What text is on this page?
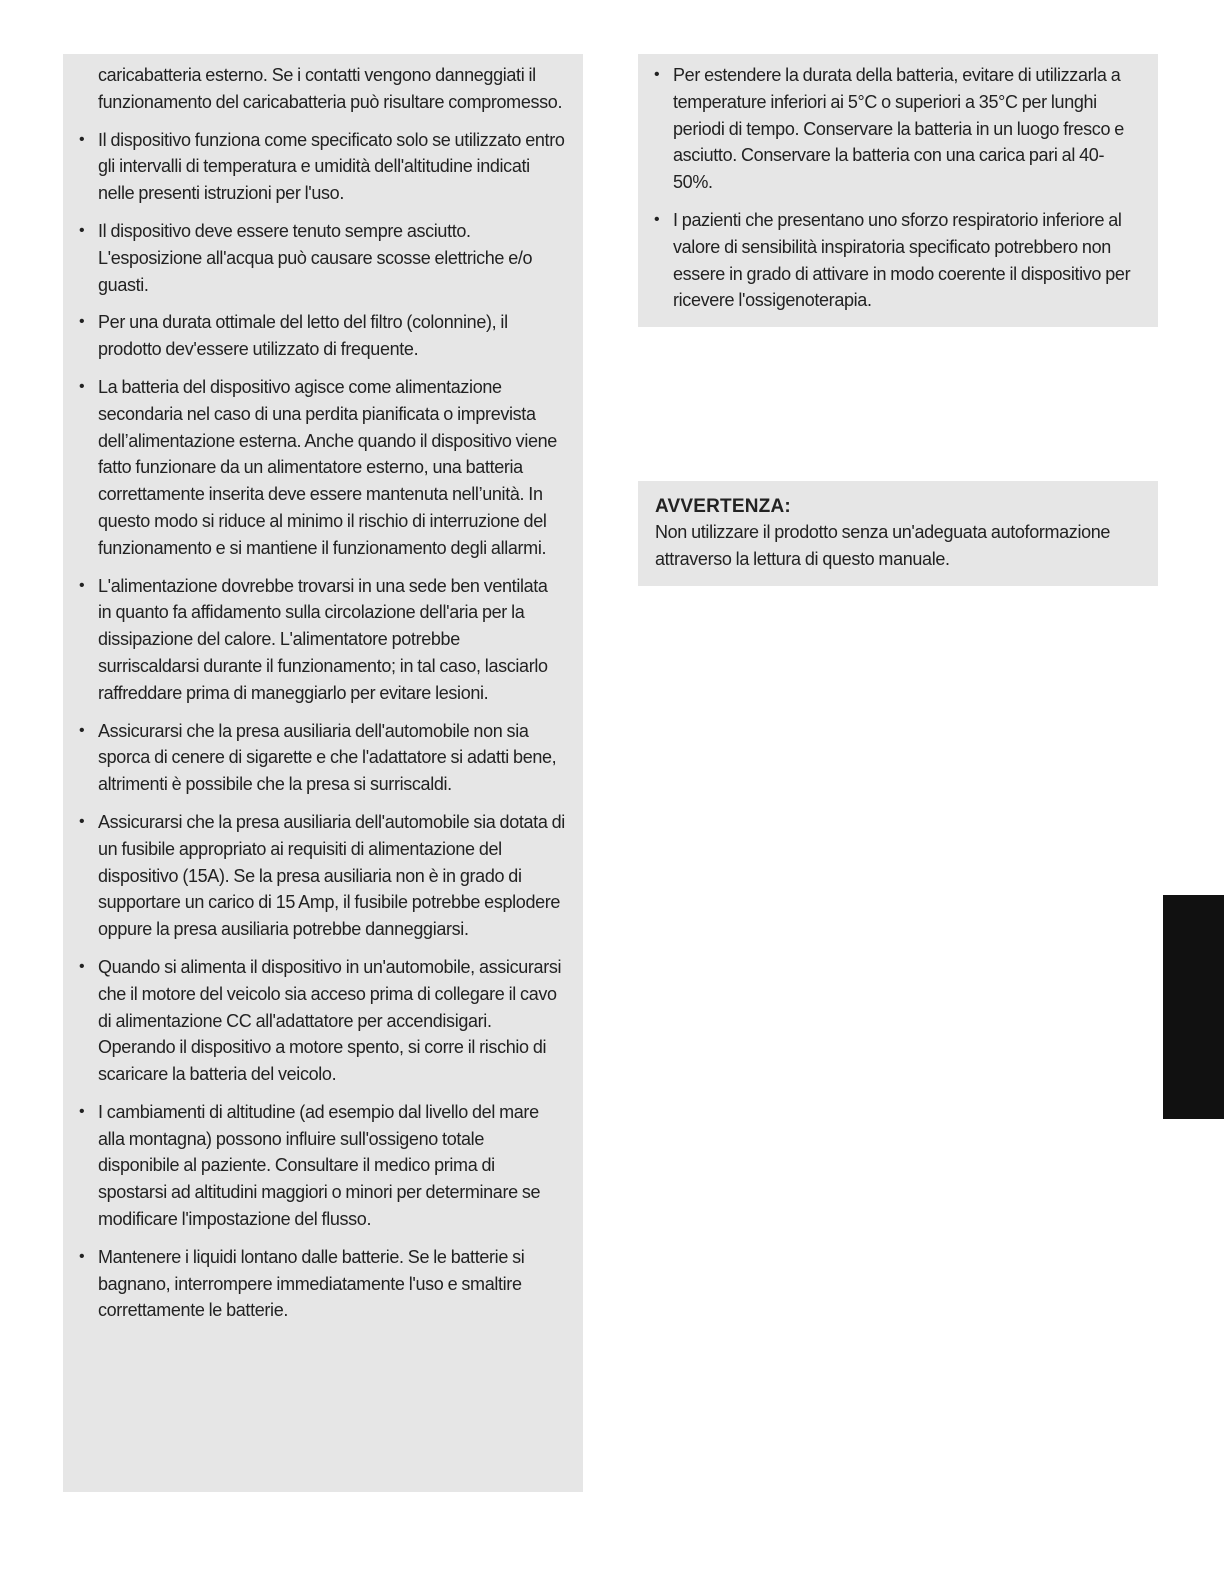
caricabatteria esterno. Se i contatti vengono danneggiati il funzionamento del caricabatteria può risultare compromesso.
• Il dispositivo funziona come specificato solo se utilizzato entro gli intervalli di temperatura e umidità dell'altitudine indicati nelle presenti istruzioni per l'uso.
• Il dispositivo deve essere tenuto sempre asciutto. L'esposizione all'acqua può causare scosse elettriche e/o guasti.
• Per una durata ottimale del letto del filtro (colonnine), il prodotto dev'essere utilizzato di frequente.
• La batteria del dispositivo agisce come alimentazione secondaria nel caso di una perdita pianificata o imprevista dell’alimentazione esterna. Anche quando il dispositivo viene fatto funzionare da un alimentatore esterno, una batteria correttamente inserita deve essere mantenuta nell’unità. In questo modo si riduce al minimo il rischio di interruzione del funzionamento e si mantiene il funzionamento degli allarmi.
• L'alimentazione dovrebbe trovarsi in una sede ben ventilata in quanto fa affidamento sulla circolazione dell'aria per la dissipazione del calore. L'alimentatore potrebbe surriscaldarsi durante il funzionamento; in tal caso, lasciarlo raffreddare prima di maneggiarlo per evitare lesioni.
• Assicurarsi che la presa ausiliaria dell'automobile non sia sporca di cenere di sigarette e che l'adattatore si adatti bene, altrimenti è possibile che la presa si surriscaldi.
• Assicurarsi che la presa ausiliaria dell'automobile sia dotata di un fusibile appropriato ai requisiti di alimentazione del dispositivo (15A). Se la presa ausiliaria non è in grado di supportare un carico di 15 Amp, il fusibile potrebbe esplodere oppure la presa ausiliaria potrebbe danneggiarsi.
• Quando si alimenta il dispositivo in un'automobile, assicurarsi che il motore del veicolo sia acceso prima di collegare il cavo di alimentazione CC all'adattatore per accendisigari. Operando il dispositivo a motore spento, si corre il rischio di scaricare la batteria del veicolo.
• I cambiamenti di altitudine (ad esempio dal livello del mare alla montagna) possono influire sull'ossigeno totale disponibile al paziente. Consultare il medico prima di spostarsi ad altitudini maggiori o minori per determinare se modificare l'impostazione del flusso.
• Mantenere i liquidi lontano dalle batterie. Se le batterie si bagnano, interrompere immediatamente l'uso e smaltire correttamente le batterie.
• Per estendere la durata della batteria, evitare di utilizzarla a temperature inferiori ai 5°C o superiori a 35°C per lunghi periodi di tempo. Conservare la batteria in un luogo fresco e asciutto. Conservare la batteria con una carica pari al 40-50%.
• I pazienti che presentano uno sforzo respiratorio inferiore al valore di sensibilità inspiratoria specificato potrebbero non essere in grado di attivare in modo coerente il dispositivo per ricevere l'ossigenoterapia.
AVVERTENZA:
Non utilizzare il prodotto senza un'adeguata autoformazione attraverso la lettura di questo manuale.
